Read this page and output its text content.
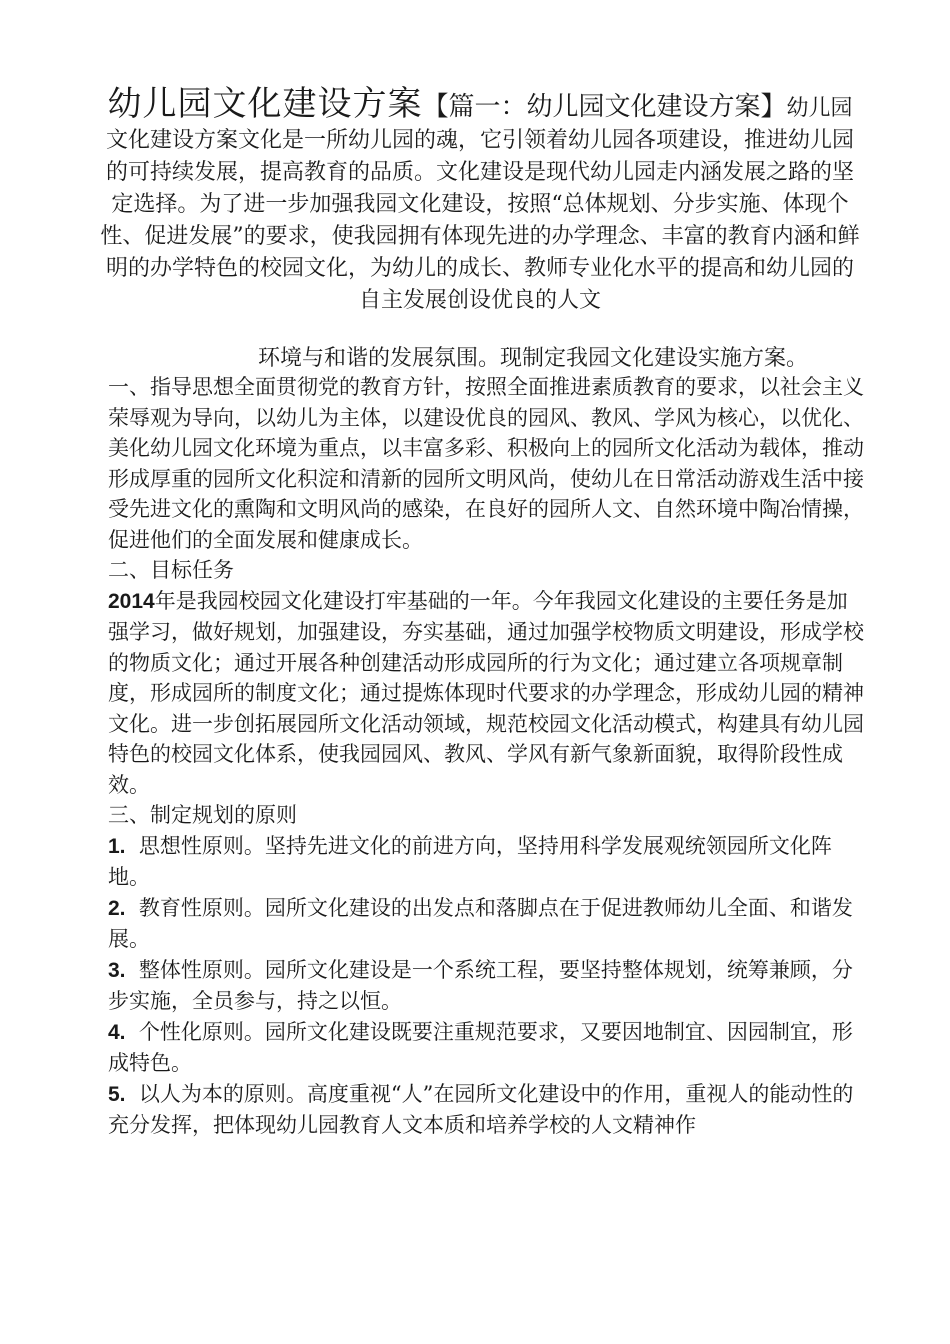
幼儿园文化建设方案【篇一：幼儿园文化建设方案】幼儿园文化建设方案文化是一所幼儿园的魂，它引领着幼儿园各项建设，推进幼儿园的可持续发展，提高教育的品质。文化建设是现代幼儿园走内涵发展之路的坚定选择。为了进一步加强我园文化建设，按照“总体规划、分步实施、体现个性、促进发展”的要求，使我园拥有体现先进的办学理念、丰富的教育内涵和鲜明的办学特色的校园文化，为幼儿的成长、教师专业化水平的提高和幼儿园的自主发展创设优良的人文
环境与和谐的发展氛围。现制定我园文化建设实施方案。

一、指导思想全面贯彻党的教育方针，按照全面推进素质教育的要求，以社会主义荣辱观为导向，以幼儿为主体，以建设优良的园风、教风、学风为核心，以优化、美化幼儿园文化环境为重点，以丰富多彩、积极向上的园所文化活动为载体，推动形成厚重的园所文化积淀和清新的园所文明风尚，使幼儿在日常活动游戏生活中接受先进文化的熏陶和文明风尚的感染，在良好的园所人文、自然环境中陶冶情操，促进他们的全面发展和健康成长。

二、目标任务

2014年是我园校园文化建设打牢基础的一年。今年我园文化建设的主要任务是加强学习，做好规划，加强建设，夯实基础，通过加强学校物质文明建设，形成学校的物质文化；通过开展各种创建活动形成园所的行为文化；通过建立各项规章制度，形成园所的制度文化；通过提炼体现时代要求的办学理念，形成幼儿园的精神文化。进一步创拓展园所文化活动领域，规范校园文化活动模式，构建具有幼儿园特色的校园文化体系，使我园园风、教风、学风有新气象新面貌，取得阶段性成效。

三、制定规划的原则

1. 思想性原则。坚持先进文化的前进方向，坚持用科学发展观统领园所文化阵地。

2. 教育性原则。园所文化建设的出发点和落脚点在于促进教师幼儿全面、和谐发展。

3. 整体性原则。园所文化建设是一个系统工程，要坚持整体规划，统筹兼顾，分步实施，全员参与，持之以恒。

4. 个性化原则。园所文化建设既要注重规范要求，又要因地制宜、因园制宜，形成特色。

5. 以人为本的原则。高度重视“人”在园所文化建设中的作用，重视人的能动性的充分发挥，把体现幼儿园教育人文本质和培养学校的人文精神作
